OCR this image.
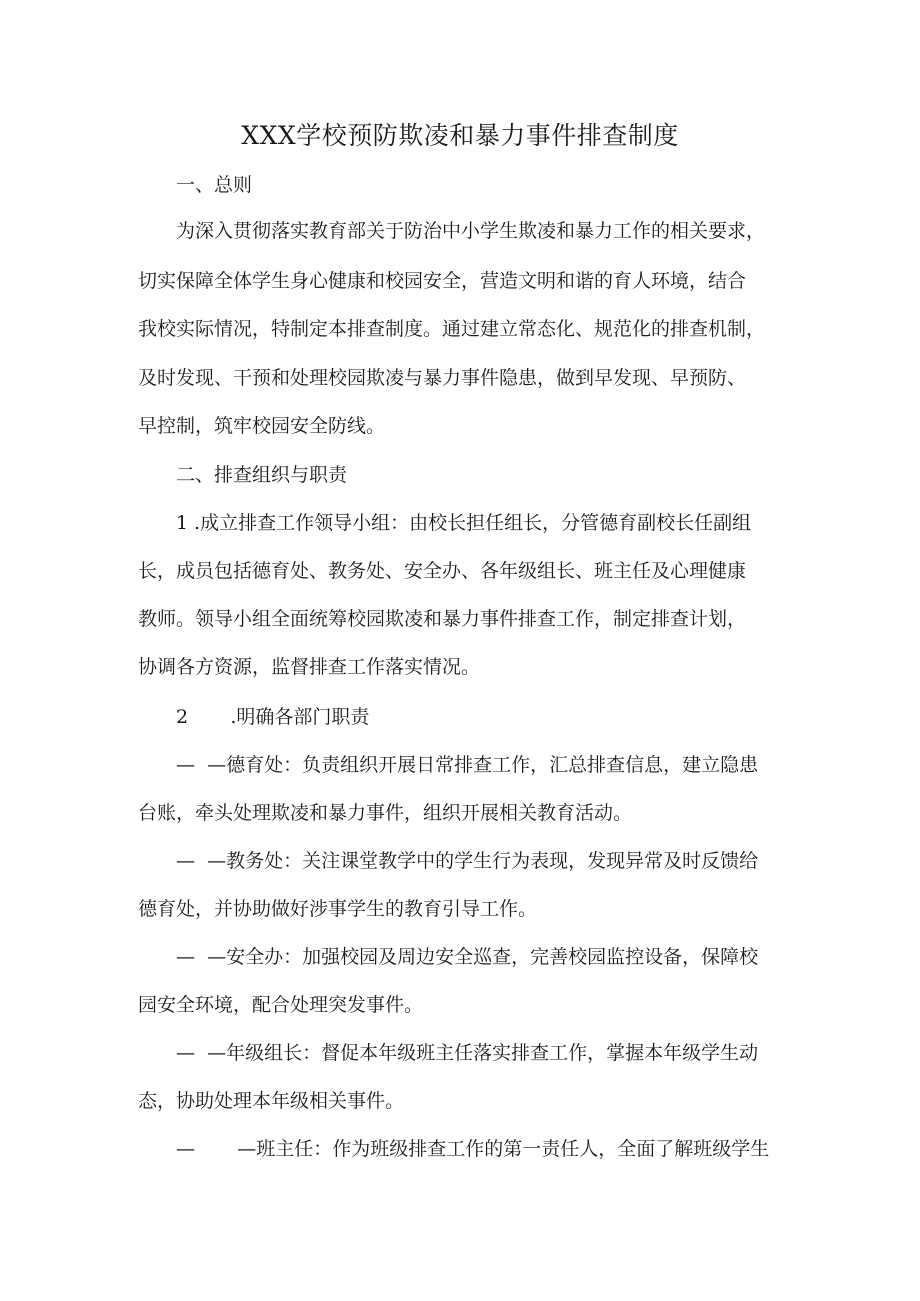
XXX学校预防欺凌和暴力事件排查制度
一、总则
为深入贯彻落实教育部关于防治中小学生欺凌和暴力工作的相关要求，
切实保障全体学生身心健康和校园安全，营造文明和谐的育人环境，结合
我校实际情况，特制定本排查制度。通过建立常态化、规范化的排查机制，
及时发现、干预和处理校园欺凌与暴力事件隐患，做到早发现、早预防、
早控制，筑牢校园安全防线。
二、排查组织与职责
1 .成立排查工作领导小组：由校长担任组长，分管德育副校长任副组
长，成员包括德育处、教务处、安全办、各年级组长、班主任及心理健康
教师。领导小组全面统筹校园欺凌和暴力事件排查工作，制定排查计划，
协调各方资源，监督排查工作落实情况。
2       .明确各部门职责
—  —德育处：负责组织开展日常排查工作，汇总排查信息，建立隐患
台账，牵头处理欺凌和暴力事件，组织开展相关教育活动。
—  —教务处：关注课堂教学中的学生行为表现，发现异常及时反馈给
德育处，并协助做好涉事学生的教育引导工作。
—  —安全办：加强校园及周边安全巡查，完善校园监控设备，保障校
园安全环境，配合处理突发事件。
—  —年级组长：督促本年级班主任落实排查工作，掌握本年级学生动
态，协助处理本年级相关事件。
—       —班主任：作为班级排查工作的第一责任人，全面了解班级学生
